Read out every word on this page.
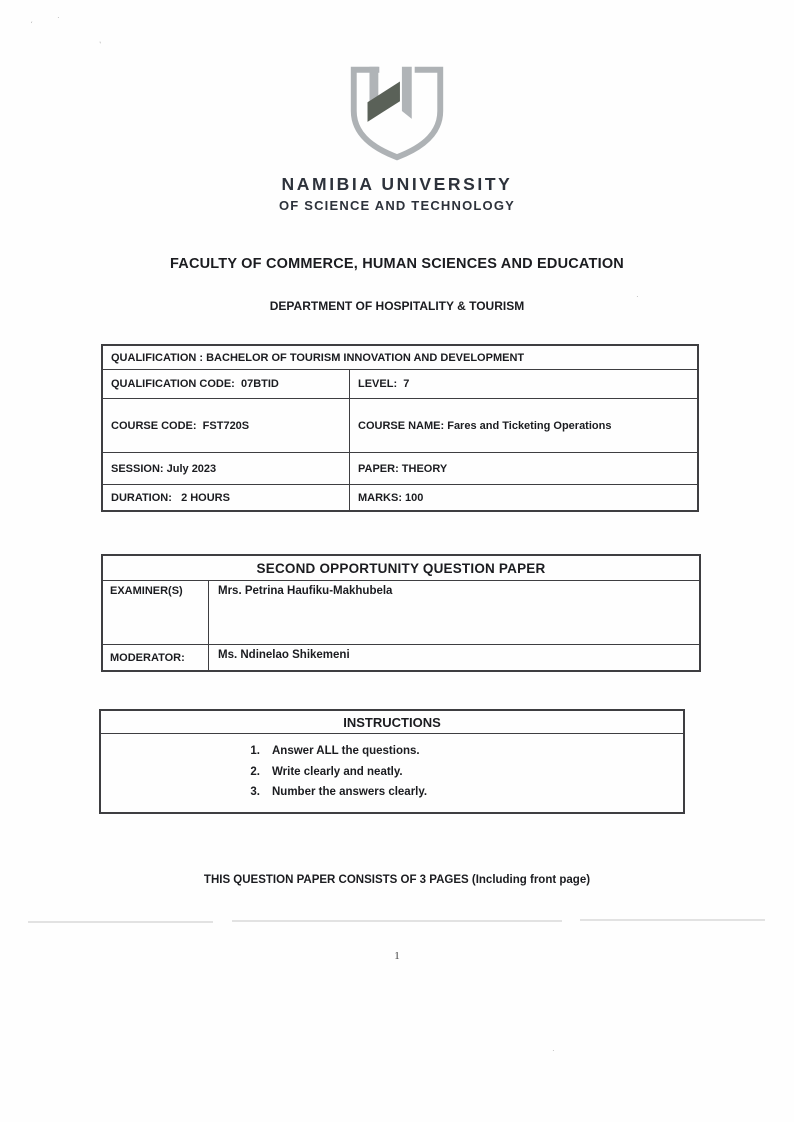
ʻ
ʹ
·
·
·
NAMIBIA UNIVERSITY
OF SCIENCE AND TECHNOLOGY
FACULTY OF COMMERCE, HUMAN SCIENCES AND EDUCATION
DEPARTMENT OF HOSPITALITY & TOURISM
QUALIFICATION : BACHELOR OF TOURISM INNOVATION AND DEVELOPMENT
QUALIFICATION CODE:  07BTID	LEVEL:  7
COURSE CODE:  FST720S	COURSE NAME: Fares and Ticketing Operations
SESSION: July 2023	PAPER: THEORY
DURATION:   2 HOURS	MARKS: 100
SECOND OPPORTUNITY QUESTION PAPER
EXAMINER(S)	Mrs. Petrina Haufiku-Makhubela
MODERATOR:	Ms. Ndinelao Shikemeni
INSTRUCTIONS
1. Answer ALL the questions.
2. Write clearly and neatly.
3. Number the answers clearly.
THIS QUESTION PAPER CONSISTS OF 3 PAGES (Including front page)
1
